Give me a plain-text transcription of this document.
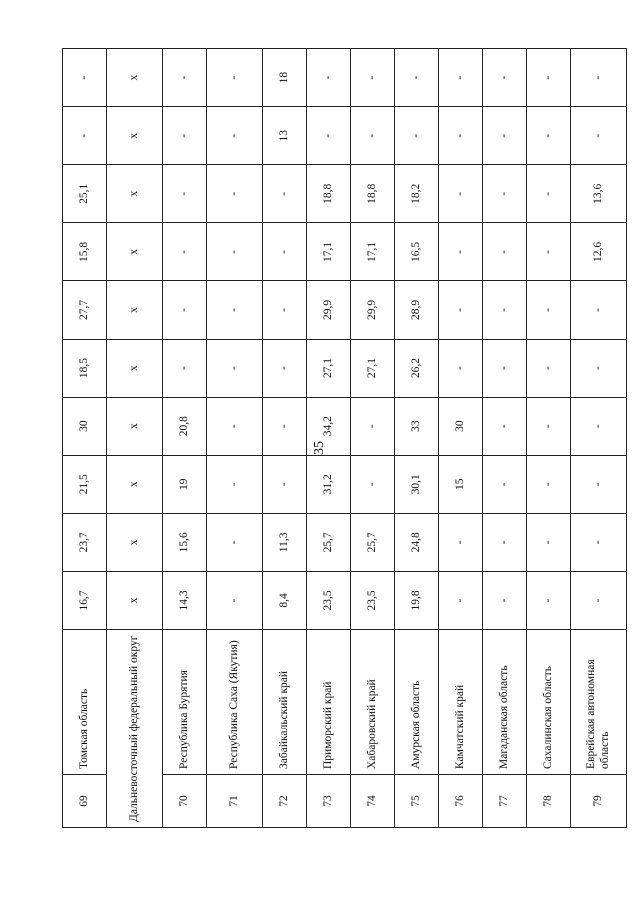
35
69	Томская область	16,7	23,7	21,5	30	18,5	27,7	15,8	25,1	-	-
Дальневосточный федеральный округ		х	х	х	х	х	х	х	х	х	х
70	Республика Бурятия	14,3	15,6	19	20,8	-	-	-	-	-	-
71	Республика Саха (Якутия)	-	-	-	-	-	-	-	-	-	-
72	Забайкальский край	8,4	11,3	-	-	-	-	-	-	13	18
73	Приморский край	23,5	25,7	31,2	34,2	27,1	29,9	17,1	18,8	-	-
74	Хабаровский край	23,5	25,7	-	-	27,1	29,9	17,1	18,8	-	-
75	Амурская область	19,8	24,8	30,1	33	26,2	28,9	16,5	18,2	-	-
76	Камчатский край	-	-	15	30	-	-	-	-	-	-
77	Магаданская область	-	-	-	-	-	-	-	-	-	-
78	Сахалинская область	-	-	-	-	-	-	-	-	-	-
79	Еврейская автономная область	-	-	-	-	-	-	12,6	13,6	-	-
